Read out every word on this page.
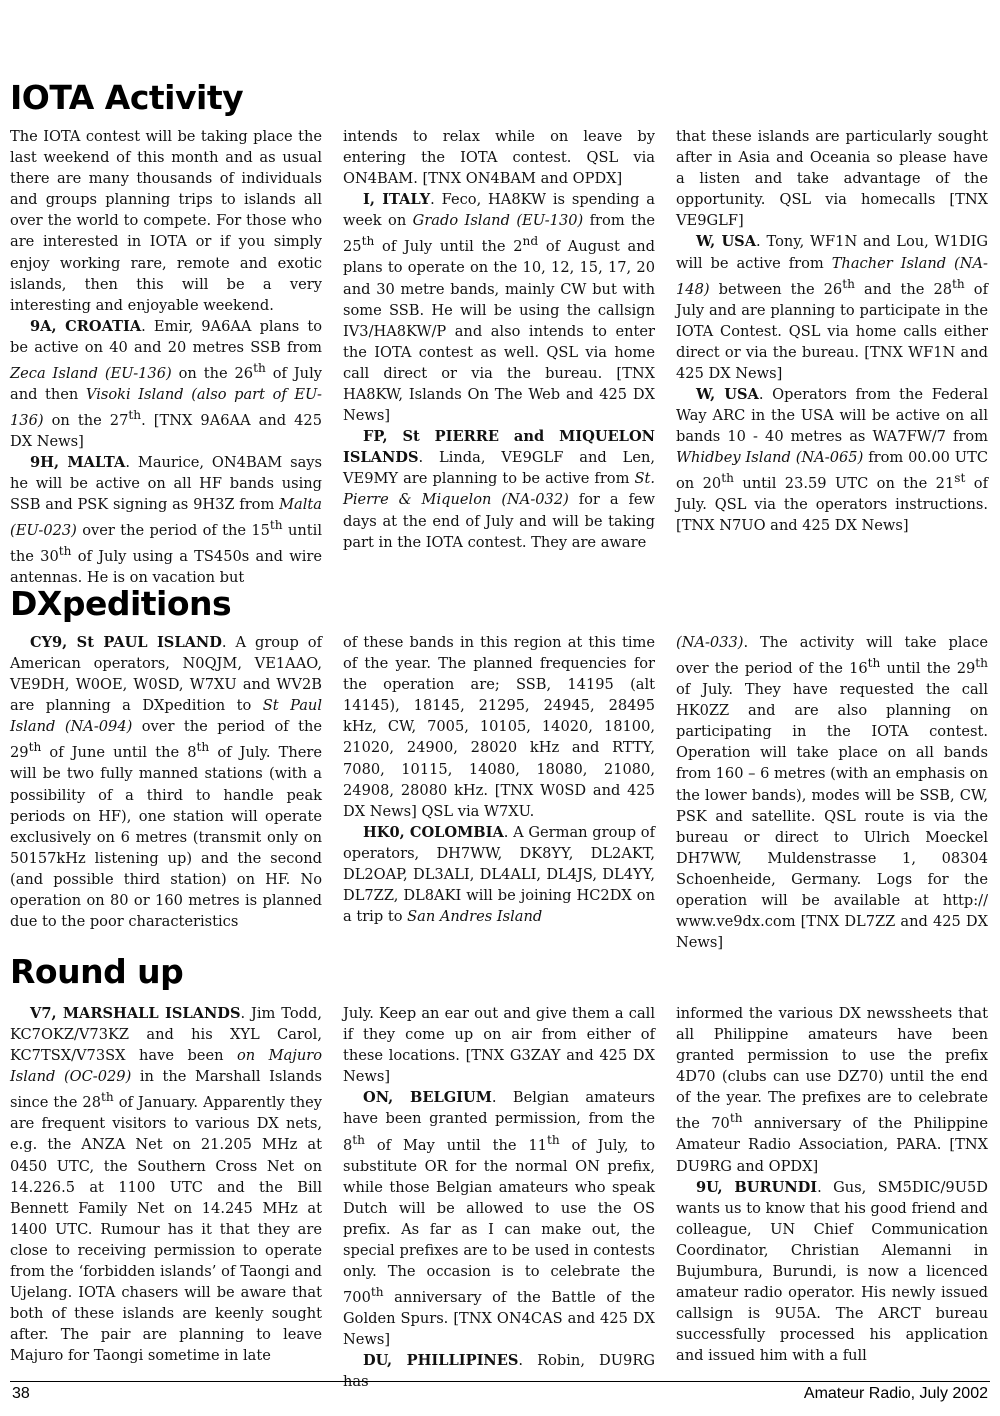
IOTA Activity

The IOTA contest will be taking place the last weekend of this month and as usual there are many thousands of individuals and groups planning trips to islands all over the world to compete. For those who are interested in IOTA or if you simply enjoy working rare, remote and exotic islands, then this will be a very interesting and enjoyable weekend.

9A, CROATIA. Emir, 9A6AA plans to be active on 40 and 20 metres SSB from Zeca Island (EU-136) on the 26th of July and then Visoki Island (also part of EU-136) on the 27th. [TNX 9A6AA and 425 DX News]

9H, MALTA. Maurice, ON4BAM says he will be active on all HF bands using SSB and PSK signing as 9H3Z from Malta (EU-023) over the period of the 15th until the 30th of July using a TS450s and wire antennas. He is on vacation but

intends to relax while on leave by entering the IOTA contest. QSL via ON4BAM. [TNX ON4BAM and OPDX]

I, ITALY. Feco, HA8KW is spending a week on Grado Island (EU-130) from the 25th of July until the 2nd of August and plans to operate on the 10, 12, 15, 17, 20 and 30 metre bands, mainly CW but with some SSB. He will be using the callsign IV3/HA8KW/P and also intends to enter the IOTA contest as well. QSL via home call direct or via the bureau. [TNX HA8KW, Islands On The Web and 425 DX News]

FP, St PIERRE and MIQUELON ISLANDS. Linda, VE9GLF and Len, VE9MY are planning to be active from St. Pierre & Miquelon (NA-032) for a few days at the end of July and will be taking part in the IOTA contest. They are aware

that these islands are particularly sought after in Asia and Oceania so please have a listen and take advantage of the opportunity. QSL via homecalls [TNX VE9GLF]

W, USA. Tony, WF1N and Lou, W1DIG will be active from Thacher Island (NA-148) between the 26th and the 28th of July and are planning to participate in the IOTA Contest. QSL via home calls either direct or via the bureau. [TNX WF1N and 425 DX News]

W, USA. Operators from the Federal Way ARC in the USA will be active on all bands 10 - 40 metres as WA7FW/7 from Whidbey Island (NA-065) from 00.00 UTC on 20th until 23.59 UTC on the 21st of July. QSL via the operators instructions. [TNX N7UO and 425 DX News]

DXpeditions

CY9, St PAUL ISLAND. A group of American operators, N0QJM, VE1AAO, VE9DH, W0OE, W0SD, W7XU and WV2B are planning a DXpedition to St Paul Island (NA-094) over the period of the 29th of June until the 8th of July. There will be two fully manned stations (with a possibility of a third to handle peak periods on HF), one station will operate exclusively on 6 metres (transmit only on 50157kHz listening up) and the second (and possible third station) on HF. No operation on 80 or 160 metres is planned due to the poor characteristics

of these bands in this region at this time of the year. The planned frequencies for the operation are; SSB, 14195 (alt 14145), 18145, 21295, 24945, 28495 kHz, CW, 7005, 10105, 14020, 18100, 21020, 24900, 28020 kHz and RTTY, 7080, 10115, 14080, 18080, 21080, 24908, 28080 kHz. [TNX W0SD and 425 DX News] QSL via W7XU.

HK0, COLOMBIA. A German group of operators, DH7WW, DK8YY, DL2AKT, DL2OAP, DL3ALI, DL4ALI, DL4JS, DL4YY, DL7ZZ, DL8AKI will be joining HC2DX on a trip to San Andres Island

(NA-033). The activity will take place over the period of the 16th until the 29th of July. They have requested the call HK0ZZ and are also planning on participating in the IOTA contest. Operation will take place on all bands from 160 – 6 metres (with an emphasis on the lower bands), modes will be SSB, CW, PSK and satellite. QSL route is via the bureau or direct to Ulrich Moeckel DH7WW, Muldenstrasse 1, 08304 Schoenheide, Germany. Logs for the operation will be available at http:// www.ve9dx.com [TNX DL7ZZ and 425 DX News]

Round up

V7, MARSHALL ISLANDS. Jim Todd, KC7OKZ/V73KZ and his XYL Carol, KC7TSX/V73SX have been on Majuro Island (OC-029) in the Marshall Islands since the 28th of January. Apparently they are frequent visitors to various DX nets, e.g. the ANZA Net on 21.205 MHz at 0450 UTC, the Southern Cross Net on 14.226.5 at 1100 UTC and the Bill Bennett Family Net on 14.245 MHz at 1400 UTC. Rumour has it that they are close to receiving permission to operate from the ‘forbidden islands’ of Taongi and Ujelang. IOTA chasers will be aware that both of these islands are keenly sought after. The pair are planning to leave Majuro for Taongi sometime in late

July. Keep an ear out and give them a call if they come up on air from either of these locations. [TNX G3ZAY and 425 DX News]

ON, BELGIUM. Belgian amateurs have been granted permission, from the 8th of May until the 11th of July, to substitute OR for the normal ON prefix, while those Belgian amateurs who speak Dutch will be allowed to use the OS prefix. As far as I can make out, the special prefixes are to be used in contests only. The occasion is to celebrate the 700th anniversary of the Battle of the Golden Spurs. [TNX ON4CAS and 425 DX News]

DU, PHILLIPINES. Robin, DU9RG has

informed the various DX newssheets that all Philippine amateurs have been granted permission to use the prefix 4D70 (clubs can use DZ70) until the end of the year. The prefixes are to celebrate the 70th anniversary of the Philippine Amateur Radio Association, PARA. [TNX DU9RG and OPDX]

9U, BURUNDI. Gus, SM5DIC/9U5D wants us to know that his good friend and colleague, UN Chief Communication Coordinator, Christian Alemanni in Bujumbura, Burundi, is now a licenced amateur radio operator. His newly issued callsign is 9U5A. The ARCT bureau successfully processed his application and issued him with a full

38	Amateur Radio, July 2002
